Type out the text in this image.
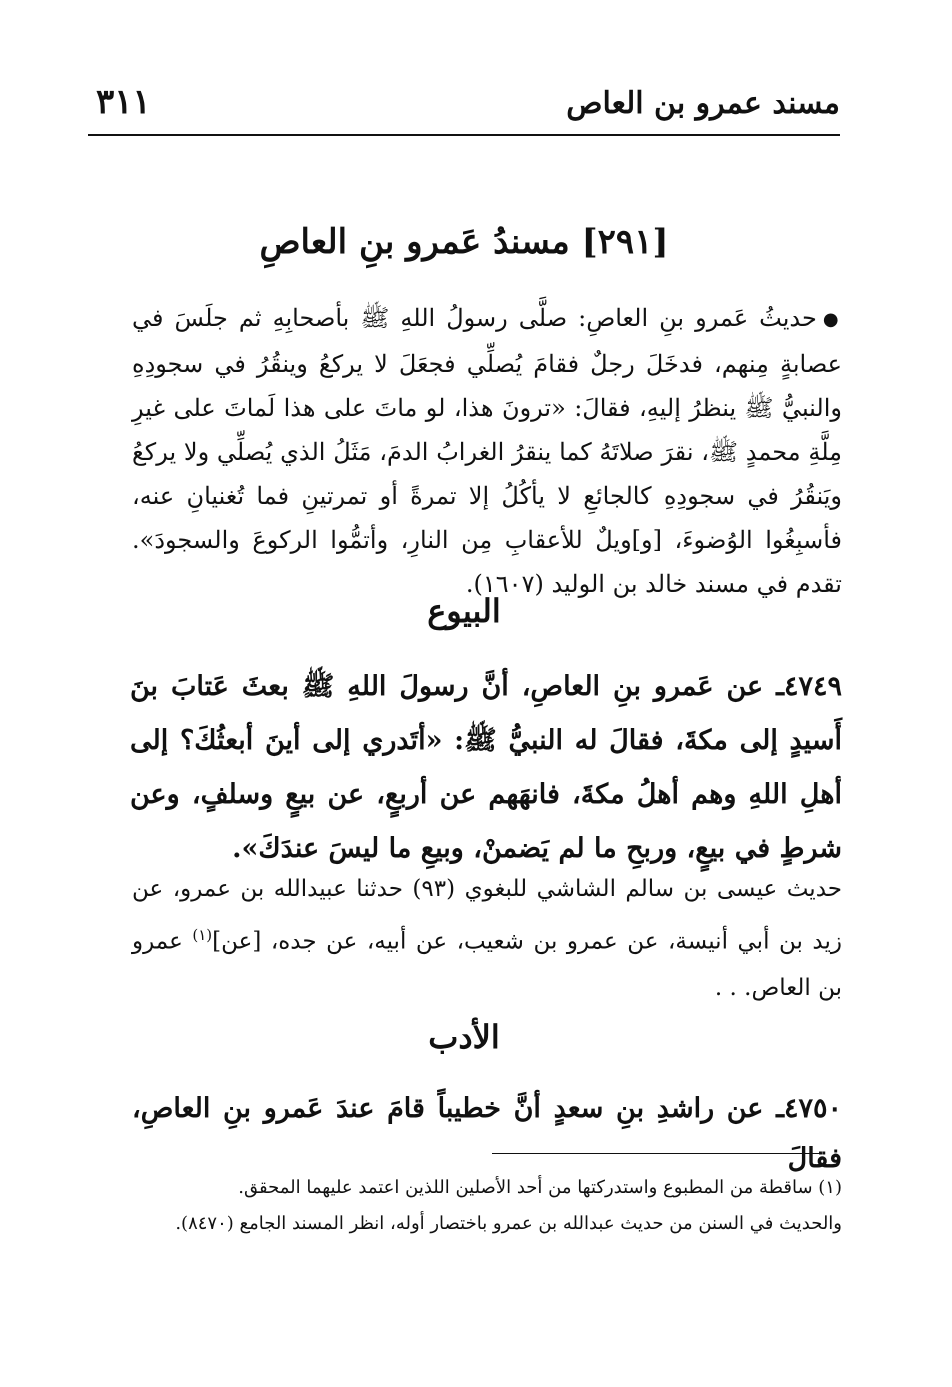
مسند عمرو بن العاص
٣١١
[٢٩١] مسندُ عَمرو بنِ العاصِ
●حديثُ عَمرو بنِ العاصِ: صلَّى رسولُ اللهِ ﷺ بأصحابِهِ ثم جلَسَ في عصابةٍ مِنهم، فدخَلَ رجلٌ فقامَ يُصلِّي فجعَلَ لا يركعُ وينقُرُ في سجودِهِ والنبيُّ ﷺ ينظرُ إليهِ، فقالَ: «ترونَ هذا، لو ماتَ على هذا لَماتَ على غيرِ مِلَّةِ محمدٍ ﷺ، نقرَ صلاتَهُ كما ينقرُ الغرابُ الدمَ، مَثَلُ الذي يُصلِّي ولا يركعُ ويَنقُرُ في سجودِهِ كالجائعِ لا يأكُلُ إلا تمرةً أو تمرتينِ فما تُغنيانِ عنه، فأسبِغُوا الوُضوءَ، [و]ويلٌ للأعقابِ مِن النارِ، وأتمُّوا الركوعَ والسجودَ». تقدم في مسند خالد بن الوليد (١٦٠٧).
البيوع
٤٧٤٩ـ عن عَمرو بنِ العاصِ، أنَّ رسولَ اللهِ ﷺ بعثَ عَتابَ بنَ أَسيدٍ إلى مكةَ، فقالَ له النبيُّ ﷺ: «أتَدري إلى أينَ أبعثُكَ؟ إلى أهلِ اللهِ وهم أهلُ مكةَ، فانهَهم عن أربعٍ، عن بيعٍ وسلفٍ، وعن شرطٍ في بيعٍ، وربحِ ما لم يَضمنْ، وبيعِ ما ليسَ عندَكَ».
حديث عيسى بن سالم الشاشي للبغوي (٩٣) حدثنا عبيدالله بن عمرو، عن زيد بن أبي أنيسة، عن عمرو بن شعيب، عن أبيه، عن جده، [عن]$^{(١)}$ عمرو بن العاص. . .
الأدب
٤٧٥٠ـ عن راشدِ بنِ سعدٍ أنَّ خطيباً قامَ عندَ عَمرو بنِ العاصِ، فقالَ

(١) ساقطة من المطبوع واستدركتها من أحد الأصلين اللذين اعتمد عليهما المحقق.

والحديث في السنن من حديث عبدالله بن عمرو باختصار أوله، انظر المسند الجامع (٨٤٧٠).
